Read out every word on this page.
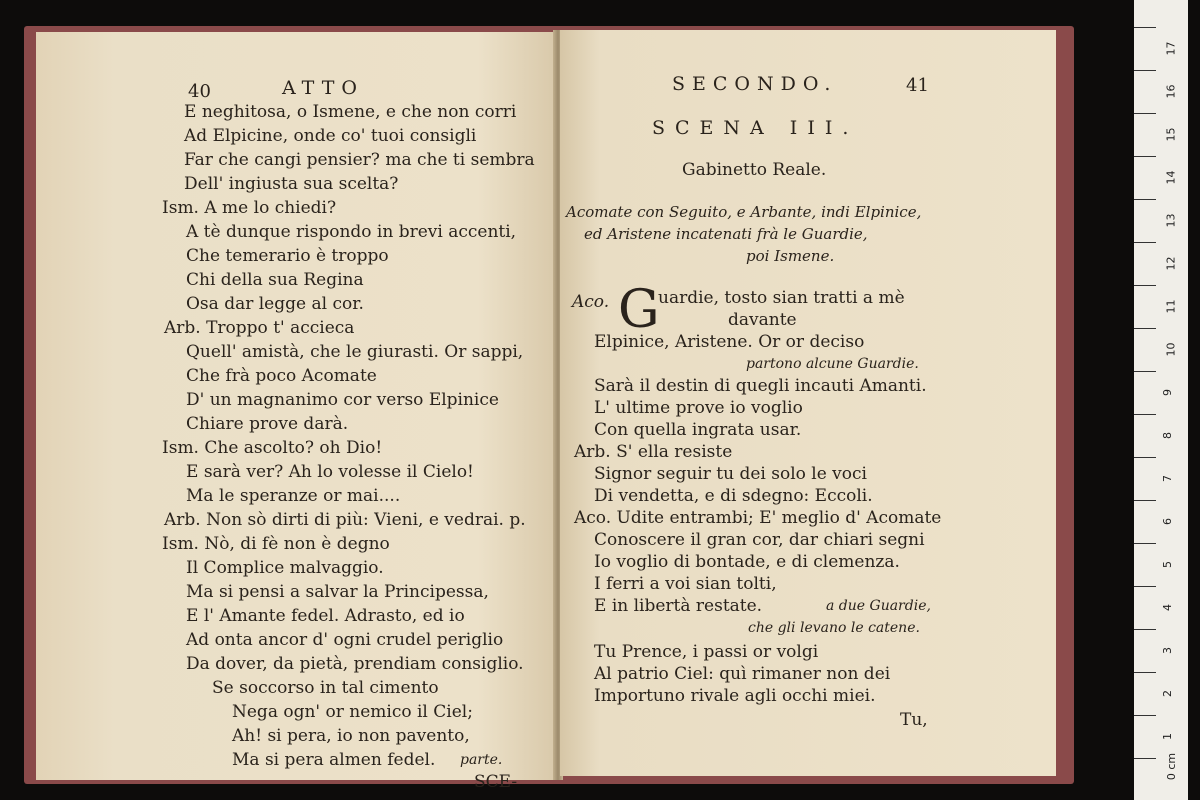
40	ATTO
E neghitosa, o Ismene, e che non corri
Ad Elpicine, onde co' tuoi consigli
Far che cangi pensier? ma che ti sembra
Dell' ingiusta sua scelta?
Ism. A me lo chiedi?
A tè dunque rispondo in brevi accenti,
Che temerario è troppo
Chi della sua Regina
Osa dar legge al cor.
Arb. Troppo t' accieca
Quell' amistà, che le giurasti. Or sappi,
Che frà poco Acomate
D' un magnanimo cor verso Elpinice
Chiare prove darà.
Ism. Che ascolto? oh Dio!
E sarà ver? Ah lo volesse il Cielo!
Ma le speranze or mai....
Arb. Non sò dirti di più: Vieni, e vedrai. p.
Ism. Nò, di fè non è degno
Il Complice malvaggio.
Ma si pensi a salvar la Principessa,
E l' Amante fedel. Adrasto, ed io
Ad onta ancor d' ogni crudel periglio
Da dover, da pietà, prendiam consiglio.
Se soccorso in tal cimento
Nega ogn' or nemico il Ciel;
Ah! si pera, io non pavento,
Ma si pera almen fedel. parte.
SCE-
SECONDO.	41
SCENA III.
Gabinetto Reale.
Acomate con Seguito, e Arbante, indi Elpinice,
ed Aristene incatenati frà le Guardie,
poi Ismene.
Aco. G
uardie, tosto sian tratti a mè
davante
Elpinice, Aristene. Or or deciso
partono alcune Guardie.
Sarà il destin di quegli incauti Amanti.
L' ultime prove io voglio
Con quella ingrata usar.
Arb. S' ella resiste
Signor seguir tu dei solo le voci
Di vendetta, e di sdegno: Eccoli.
Aco. Udite entrambi; E' meglio d' Acomate
Conoscere il gran cor, dar chiari segni
Io voglio di bontade, e di clemenza.
I ferri a voi sian tolti,
E in libertà restate.	a due Guardie,
che gli levano le catene.
Tu Prence, i passi or volgi
Al patrio Ciel: quì rimaner non dei
Importuno rivale agli occhi miei.
Tu,
1
2
3
4
5
6
7
8
9
10
11
12
13
14
15
16
17
0 cm
